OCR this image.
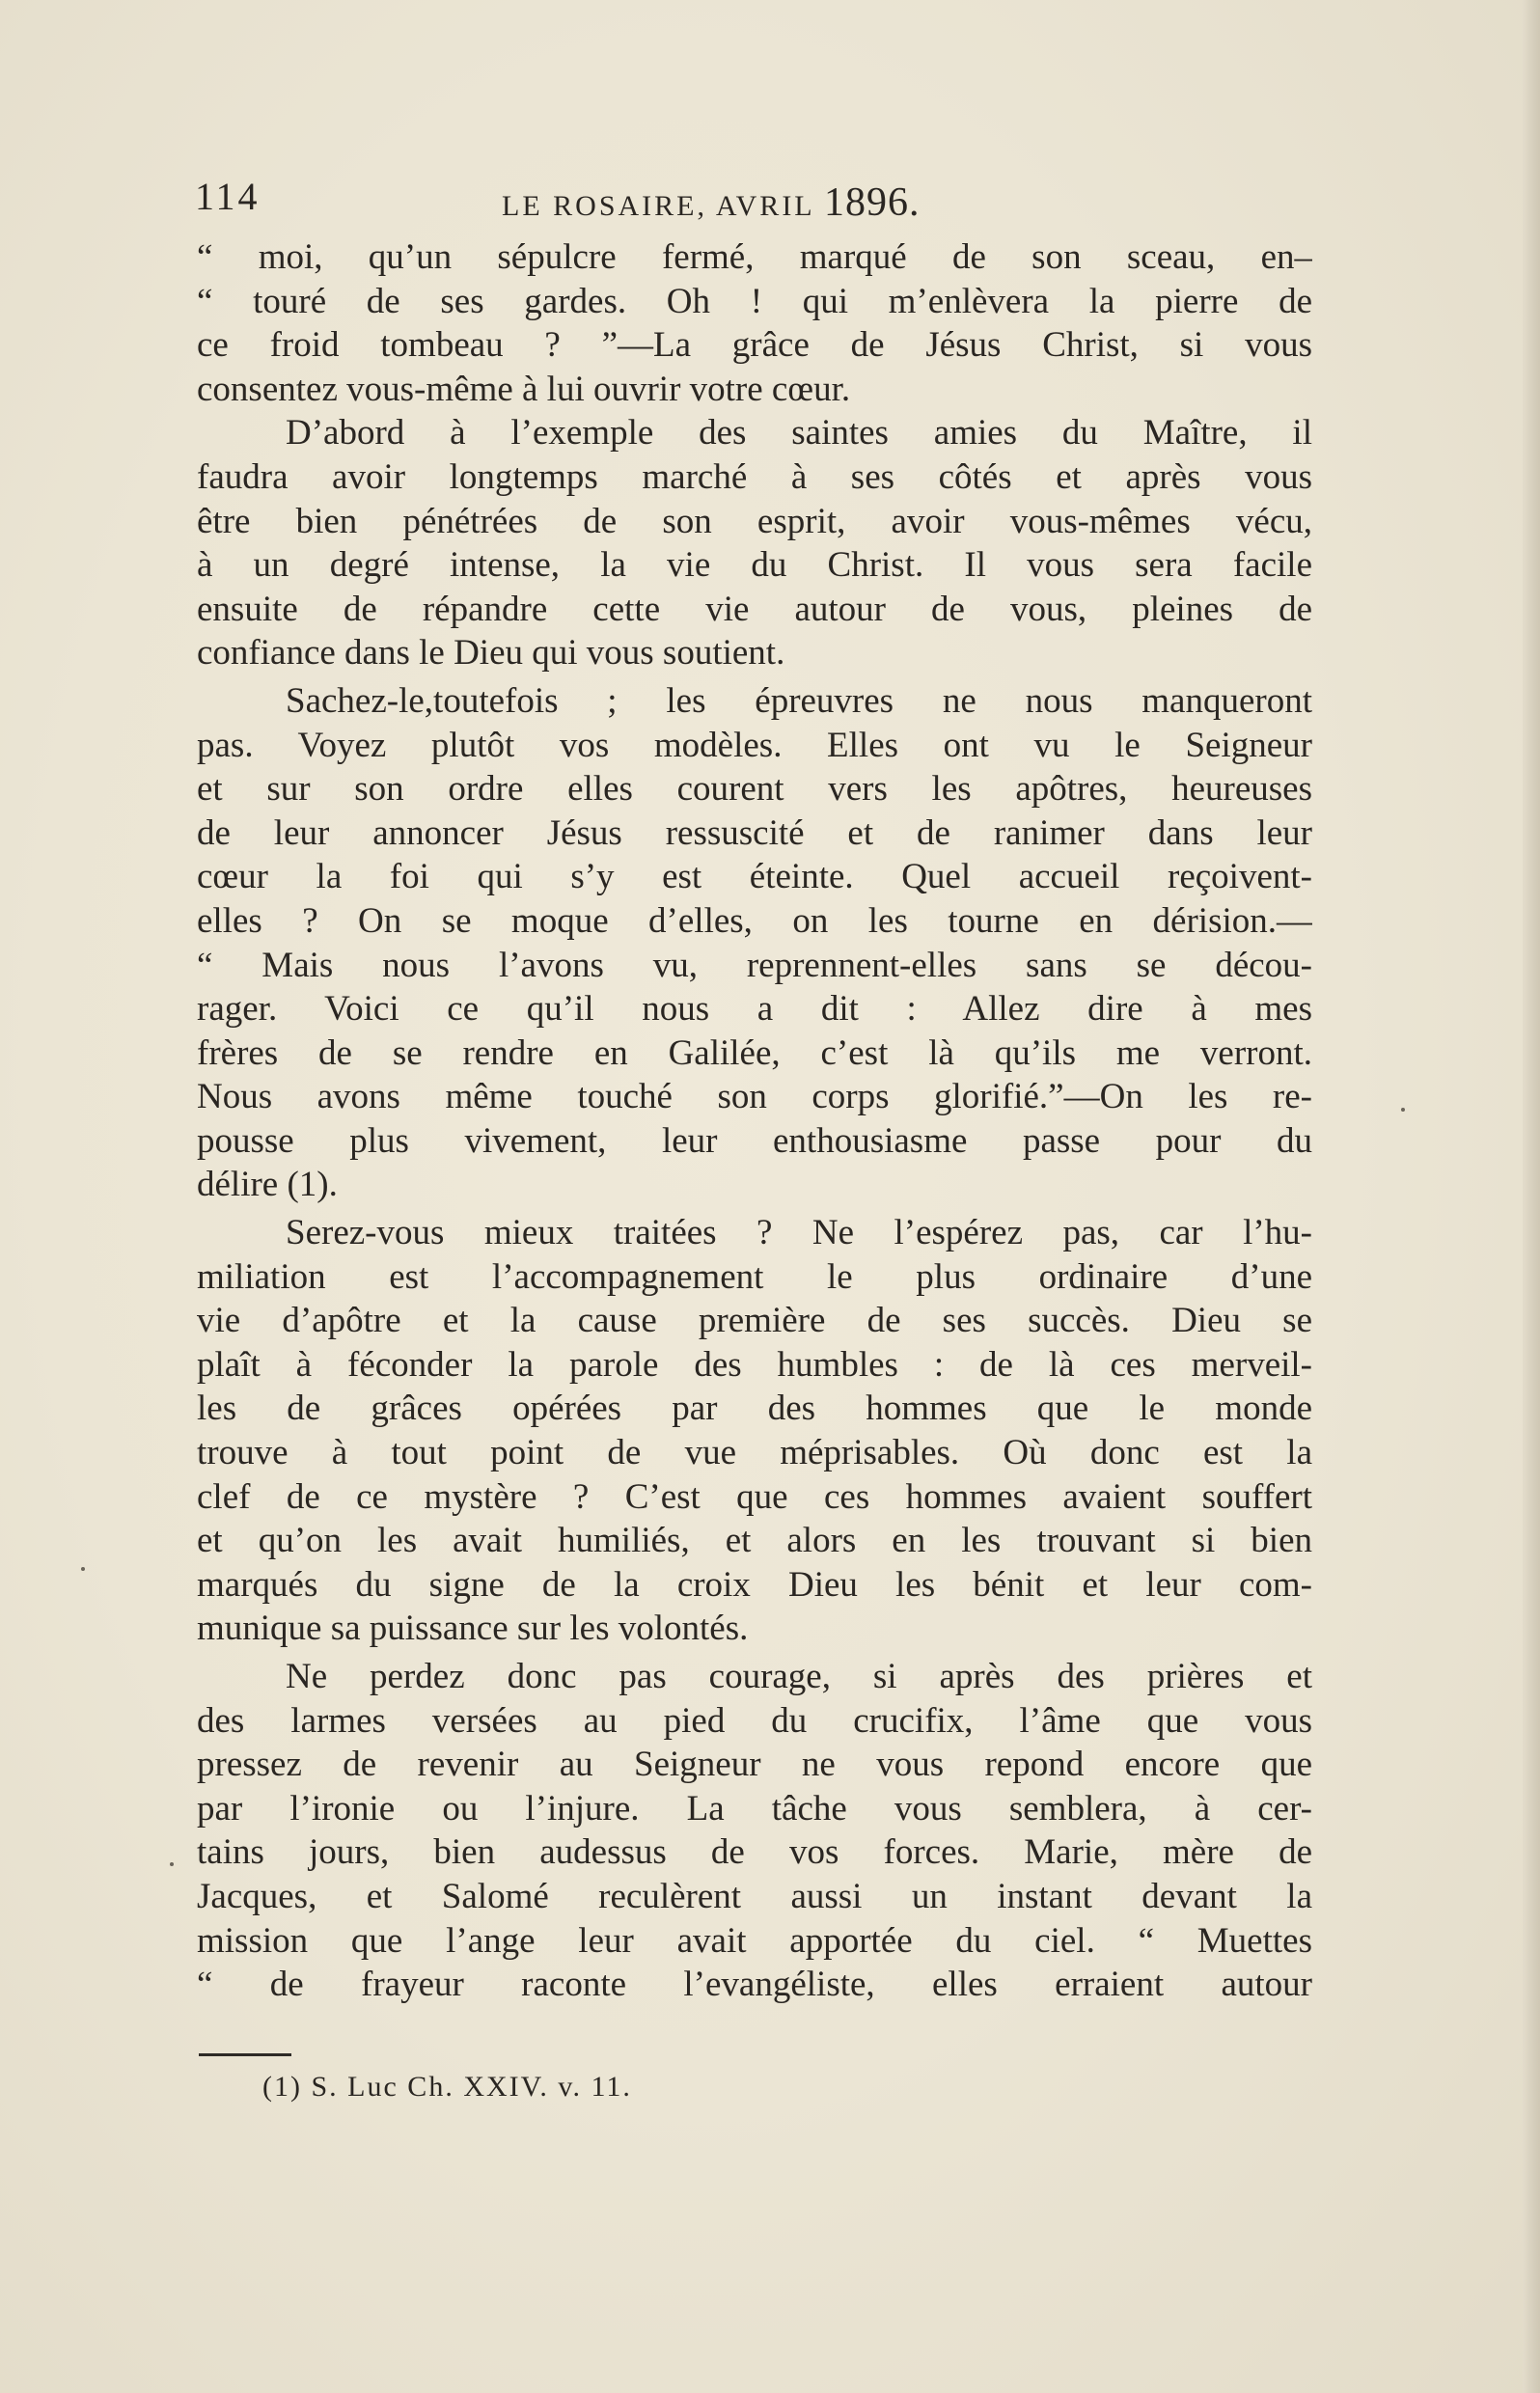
114	LE ROSAIRE, AVRIL 1896.
“ moi, qu’un sépulcre fermé, marqué de son sceau, en–
“ touré de ses gardes. Oh ! qui m’enlèvera la pierre de
ce froid tombeau ? ”—La grâce de Jésus Christ, si vous
consentez vous-même à lui ouvrir votre cœur.
D’abord à l’exemple des saintes amies du Maître, il
faudra avoir longtemps marché à ses côtés et après vous
être bien pénétrées de son esprit, avoir vous-mêmes vécu,
à un degré intense, la vie du Christ. Il vous sera facile
ensuite de répandre cette vie autour de vous, pleines de
confiance dans le Dieu qui vous soutient.
Sachez-le,toutefois ; les épreuvres ne nous manqueront
pas. Voyez plutôt vos modèles. Elles ont vu le Seigneur
et sur son ordre elles courent vers les apôtres, heureuses
de leur annoncer Jésus ressuscité et de ranimer dans leur
cœur la foi qui s’y est éteinte. Quel accueil reçoivent-
elles ? On se moque d’elles, on les tourne en dérision.—
“ Mais nous l’avons vu, reprennent-elles sans se décou-
rager. Voici ce qu’il nous a dit : Allez dire à mes
frères de se rendre en Galilée, c’est là qu’ils me verront.
Nous avons même touché son corps glorifié.”—On les re-
pousse plus vivement, leur enthousiasme passe pour du
délire (1).
Serez-vous mieux traitées ? Ne l’espérez pas, car l’hu-
miliation est l’accompagnement le plus ordinaire d’une
vie d’apôtre et la cause première de ses succès. Dieu se
plaît à féconder la parole des humbles : de là ces merveil-
les de grâces opérées par des hommes que le monde
trouve à tout point de vue méprisables. Où donc est la
clef de ce mystère ? C’est que ces hommes avaient souffert
et qu’on les avait humiliés, et alors en les trouvant si bien
marqués du signe de la croix Dieu les bénit et leur com-
munique sa puissance sur les volontés.
Ne perdez donc pas courage, si après des prières et
des larmes versées au pied du crucifix, l’âme que vous
pressez de revenir au Seigneur ne vous repond encore que
par l’ironie ou l’injure. La tâche vous semblera, à cer-
tains jours, bien audessus de vos forces. Marie, mère de
Jacques, et Salomé reculèrent aussi un instant devant la
mission que l’ange leur avait apportée du ciel. “ Muettes
“ de frayeur raconte l’evangéliste, elles erraient autour
(1) S. Luc Ch. XXIV. v. 11.
